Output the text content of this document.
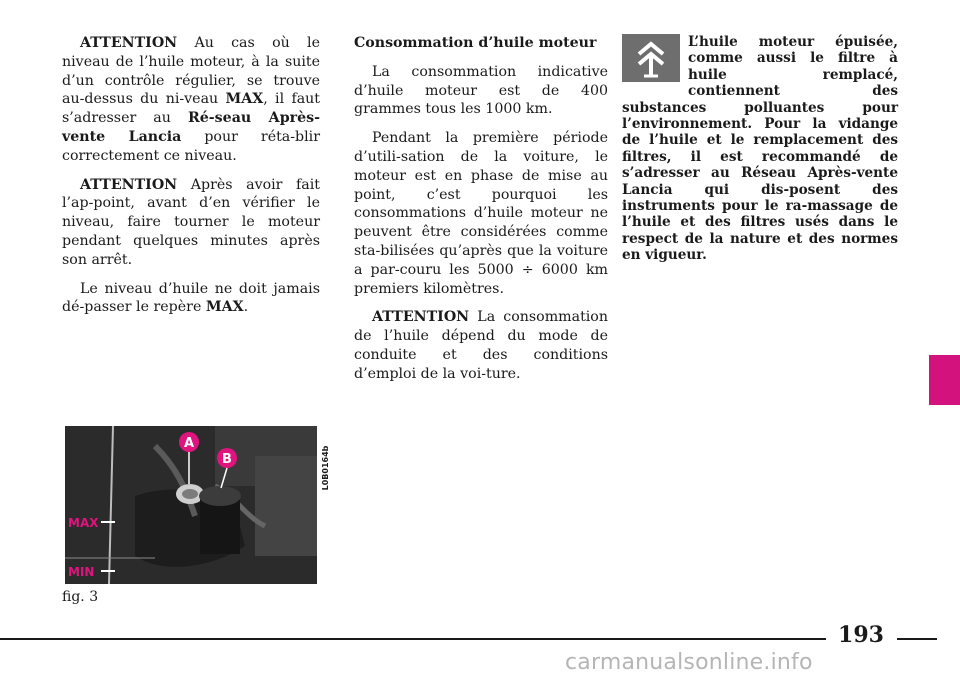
ATTENTION Au cas où le niveau de l’huile moteur, à la suite d’un contrôle régulier, se trouve au-dessus du ni-veau MAX, il faut s’adresser au Ré-seau Après-vente Lancia pour réta-blir correctement ce niveau.

ATTENTION Après avoir fait l’ap-point, avant d’en vérifier le niveau, faire tourner le moteur pendant quelques minutes après son arrêt.

Le niveau d’huile ne doit jamais dé-passer le repère MAX.

Consommation d’huile moteur

La consommation indicative d’huile moteur est de 400 grammes tous les 1000 km.

Pendant la première période d’utili-sation de la voiture, le moteur est en phase de mise au point, c’est pourquoi les consommations d’huile moteur ne peuvent être considérées comme sta-bilisées qu’après que la voiture a par-couru les 5000 ÷ 6000 km premiers kilomètres.

ATTENTION La consommation de l’huile dépend du mode de conduite et des conditions d’emploi de la voi-ture.

L’huile moteur épuisée, comme aussi le filtre à huile remplacé, contiennent des substances polluantes pour l’environnement. Pour la vidange de l’huile et le remplacement des filtres, il est recommandé de s’adresser au Réseau Après-vente Lancia qui dis-posent des instruments pour le ra-massage de l’huile et des filtres usés dans le respect de la nature et des normes en vigueur.

A
B
MAX
MIN
L0B0164b
fig. 3
193
carmanualsonline.info
